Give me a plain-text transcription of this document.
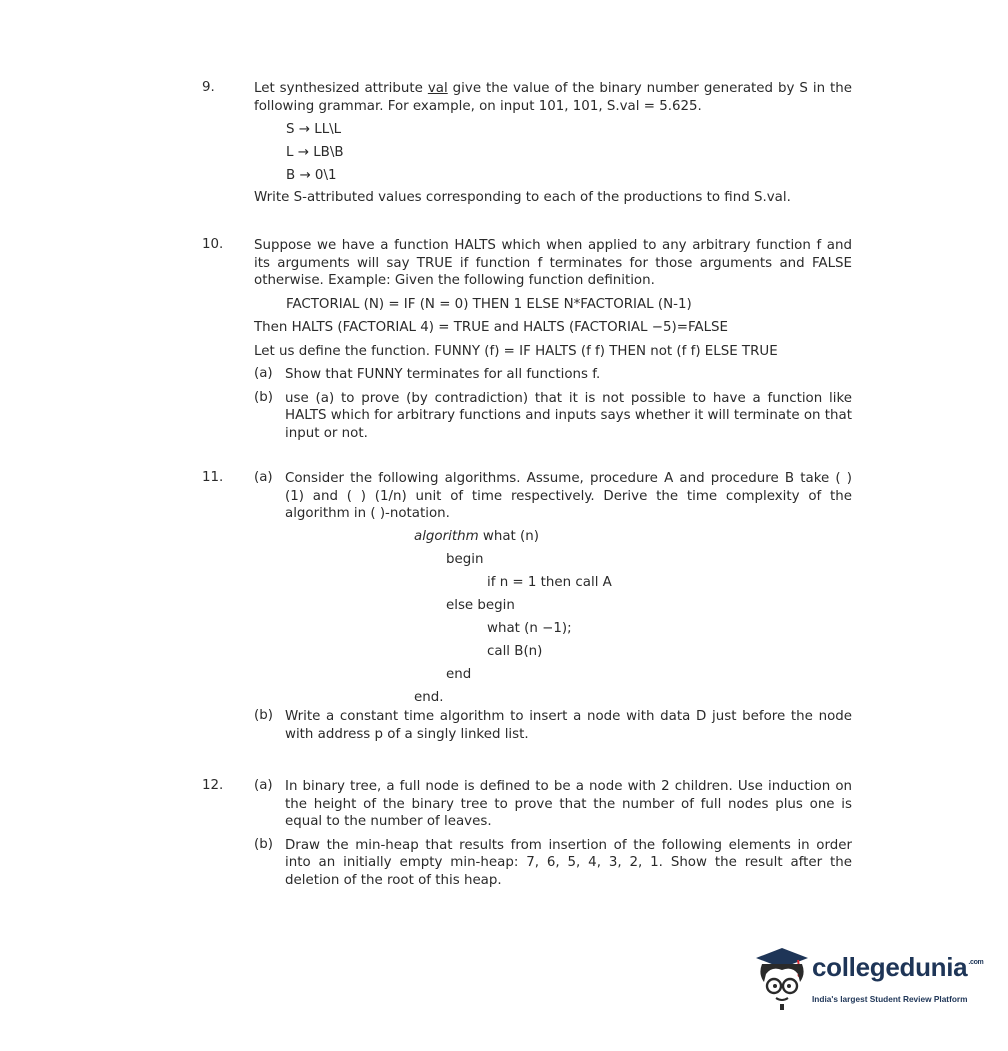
9.	Let synthesized attribute val give the value of the binary number generated by S in the following grammar. For example, on input 101, 101, S.val = 5.625.

S → LL\L
L → LB\B
B → 0\1

Write S-attributed values corresponding to each of the productions to find S.val.

10. Suppose we have a function HALTS which when applied to any arbitrary function f and its arguments will say TRUE if function f terminates for those arguments and FALSE otherwise. Example: Given the following function definition.

FACTORIAL (N) = IF (N = 0) THEN 1 ELSE N*FACTORIAL (N-1)

Then HALTS (FACTORIAL 4) = TRUE and HALTS (FACTORIAL −5)=FALSE

Let us define the function. FUNNY (f) = IF HALTS (f f) THEN not (f f) ELSE TRUE

(a) Show that FUNNY terminates for all functions f.
(b) use (a) to prove (by contradiction) that it is not possible to have a function like HALTS which for arbitrary functions and inputs says whether it will terminate on that input or not.
11. (a) Consider the following algorithms. Assume, procedure A and procedure B take ( ) (1) and ( ) (1/n) unit of time respectively. Derive the time complexity of the algorithm in ( )-notation.
algorithm what (n)
begin
if n = 1 then call A
else begin
what (n −1);
call B(n)
end
end.
(b) Write a constant time algorithm to insert a node with data D just before the node with address p of a singly linked list.
12. (a) In binary tree, a full node is defined to be a node with 2 children. Use induction on the height of the binary tree to prove that the number of full nodes plus one is equal to the number of leaves.
(b) Draw the min-heap that results from insertion of the following elements in order into an initially empty min-heap: 7, 6, 5, 4, 3, 2, 1. Show the result after the deletion of the root of this heap.
collegedunia$^{.com}$
India's largest Student Review Platform
